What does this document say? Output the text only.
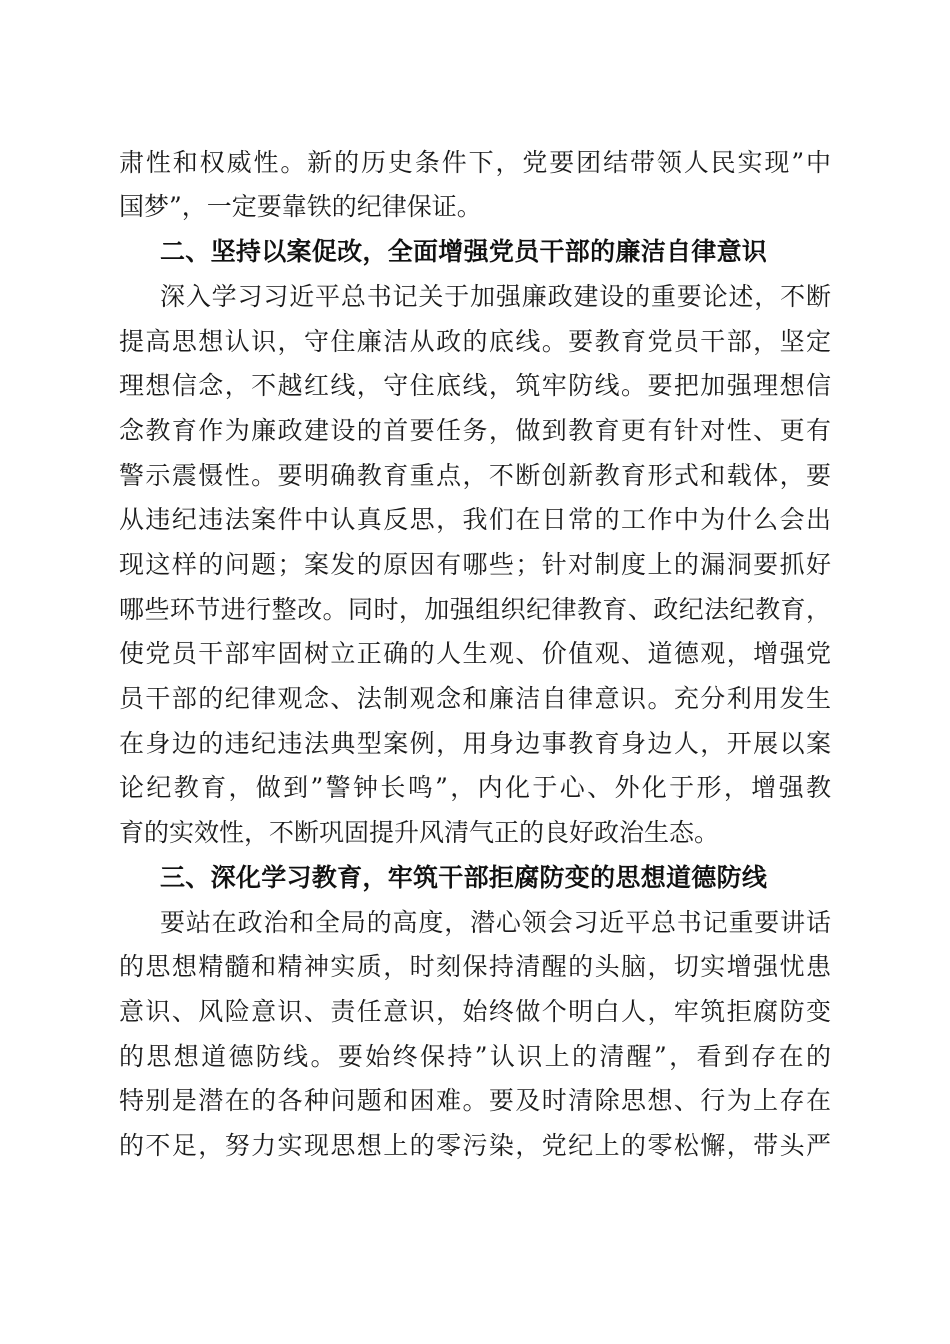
肃性和权威性。新的历史条件下，党要团结带领人民实现”中
国梦”，一定要靠铁的纪律保证。
二、坚持以案促改，全面增强党员干部的廉洁自律意识
深入学习习近平总书记关于加强廉政建设的重要论述，不断
提高思想认识，守住廉洁从政的底线。要教育党员干部，坚定
理想信念，不越红线，守住底线，筑牢防线。要把加强理想信
念教育作为廉政建设的首要任务，做到教育更有针对性、更有
警示震慑性。要明确教育重点，不断创新教育形式和载体，要
从违纪违法案件中认真反思，我们在日常的工作中为什么会出
现这样的问题；案发的原因有哪些；针对制度上的漏洞要抓好
哪些环节进行整改。同时，加强组织纪律教育、政纪法纪教育，
使党员干部牢固树立正确的人生观、价值观、道德观，增强党
员干部的纪律观念、法制观念和廉洁自律意识。充分利用发生
在身边的违纪违法典型案例，用身边事教育身边人，开展以案
论纪教育，做到”警钟长鸣”，内化于心、外化于形，增强教
育的实效性，不断巩固提升风清气正的良好政治生态。
三、深化学习教育，牢筑干部拒腐防变的思想道德防线
要站在政治和全局的高度，潜心领会习近平总书记重要讲话
的思想精髓和精神实质，时刻保持清醒的头脑，切实增强忧患
意识、风险意识、责任意识，始终做个明白人，牢筑拒腐防变
的思想道德防线。要始终保持”认识上的清醒”，看到存在的
特别是潜在的各种问题和困难。要及时清除思想、行为上存在
的不足，努力实现思想上的零污染，党纪上的零松懈，带头严
